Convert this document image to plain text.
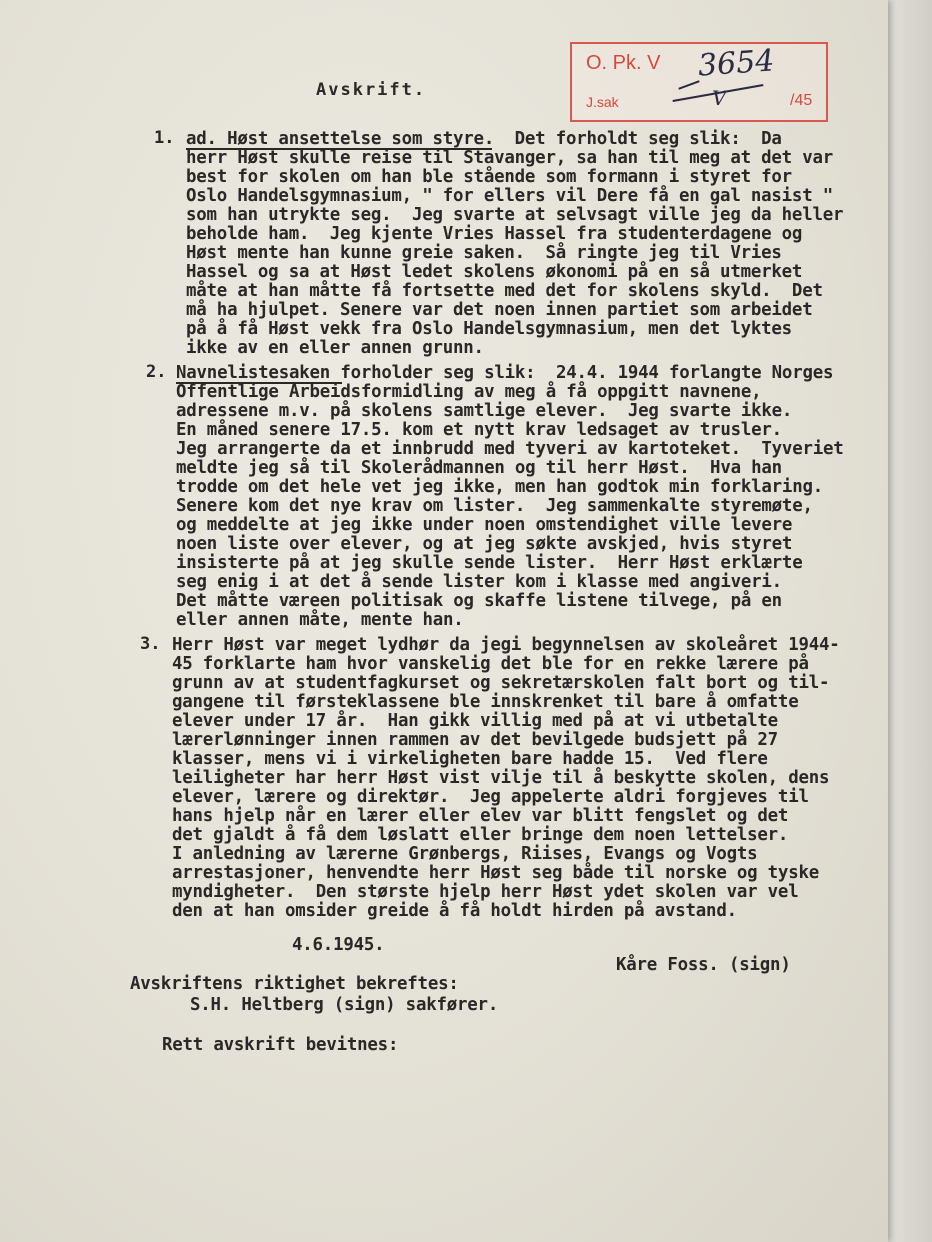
O. Pk. V 3654
V
J.sak	/45
Avskrift.
1. ad. Høst ansettelse som styre.  Det forholdt seg slik:  Da
herr Høst skulle reise til Stavanger, sa han til meg at det var
best for skolen om han ble stående som formann i styret for
Oslo Handelsgymnasium, " for ellers vil Dere få en gal nasist "
som han utrykte seg.  Jeg svarte at selvsagt ville jeg da heller
beholde ham.  Jeg kjente Vries Hassel fra studenterdagene og
Høst mente han kunne greie saken.  Så ringte jeg til Vries
Hassel og sa at Høst ledet skolens økonomi på en så utmerket
måte at han måtte få fortsette med det for skolens skyld.  Det
må ha hjulpet. Senere var det noen innen partiet som arbeidet
på å få Høst vekk fra Oslo Handelsgymnasium, men det lyktes
ikke av en eller annen grunn.
2. Navnelistesaken forholder seg slik:  24.4. 1944 forlangte Norges
Offentlige Arbeidsformidling av meg å få oppgitt navnene,
adressene m.v. på skolens samtlige elever.  Jeg svarte ikke.
En måned senere 17.5. kom et nytt krav ledsaget av trusler.
Jeg arrangerte da et innbrudd med tyveri av kartoteket.  Tyveriet
meldte jeg så til Skolerådmannen og til herr Høst.  Hva han
trodde om det hele vet jeg ikke, men han godtok min forklaring.
Senere kom det nye krav om lister.  Jeg sammenkalte styremøte,
og meddelte at jeg ikke under noen omstendighet ville levere
noen liste over elever, og at jeg søkte avskjed, hvis styret
insisterte på at jeg skulle sende lister.  Herr Høst erklærte
seg enig i at det å sende lister kom i klasse med angiveri.
Det måtte væreen politisak og skaffe listene tilvege, på en
eller annen måte, mente han.
3. Herr Høst var meget lydhør da jegi begynnelsen av skoleåret 1944-
45 forklarte ham hvor vanskelig det ble for en rekke lærere på
grunn av at studentfagkurset og sekretærskolen falt bort og til-
gangene til førsteklassene ble innskrenket til bare å omfatte
elever under 17 år.  Han gikk villig med på at vi utbetalte
lærerlønninger innen rammen av det bevilgede budsjett på 27
klasser, mens vi i virkeligheten bare hadde 15.  Ved flere
leiligheter har herr Høst vist vilje til å beskytte skolen, dens
elever, lærere og direktør.  Jeg appelerte aldri forgjeves til
hans hjelp når en lærer eller elev var blitt fengslet og det
det gjaldt å få dem løslatt eller bringe dem noen lettelser.
I anledning av lærerne Grønbergs, Riises, Evangs og Vogts
arrestasjoner, henvendte herr Høst seg både til norske og tyske
myndigheter.  Den største hjelp herr Høst ydet skolen var vel
den at han omsider greide å få holdt hirden på avstand.
4.6.1945.
Kåre Foss. (sign)
Avskriftens riktighet bekreftes:
S.H. Heltberg (sign) sakfører.
Rett avskrift bevitnes:
